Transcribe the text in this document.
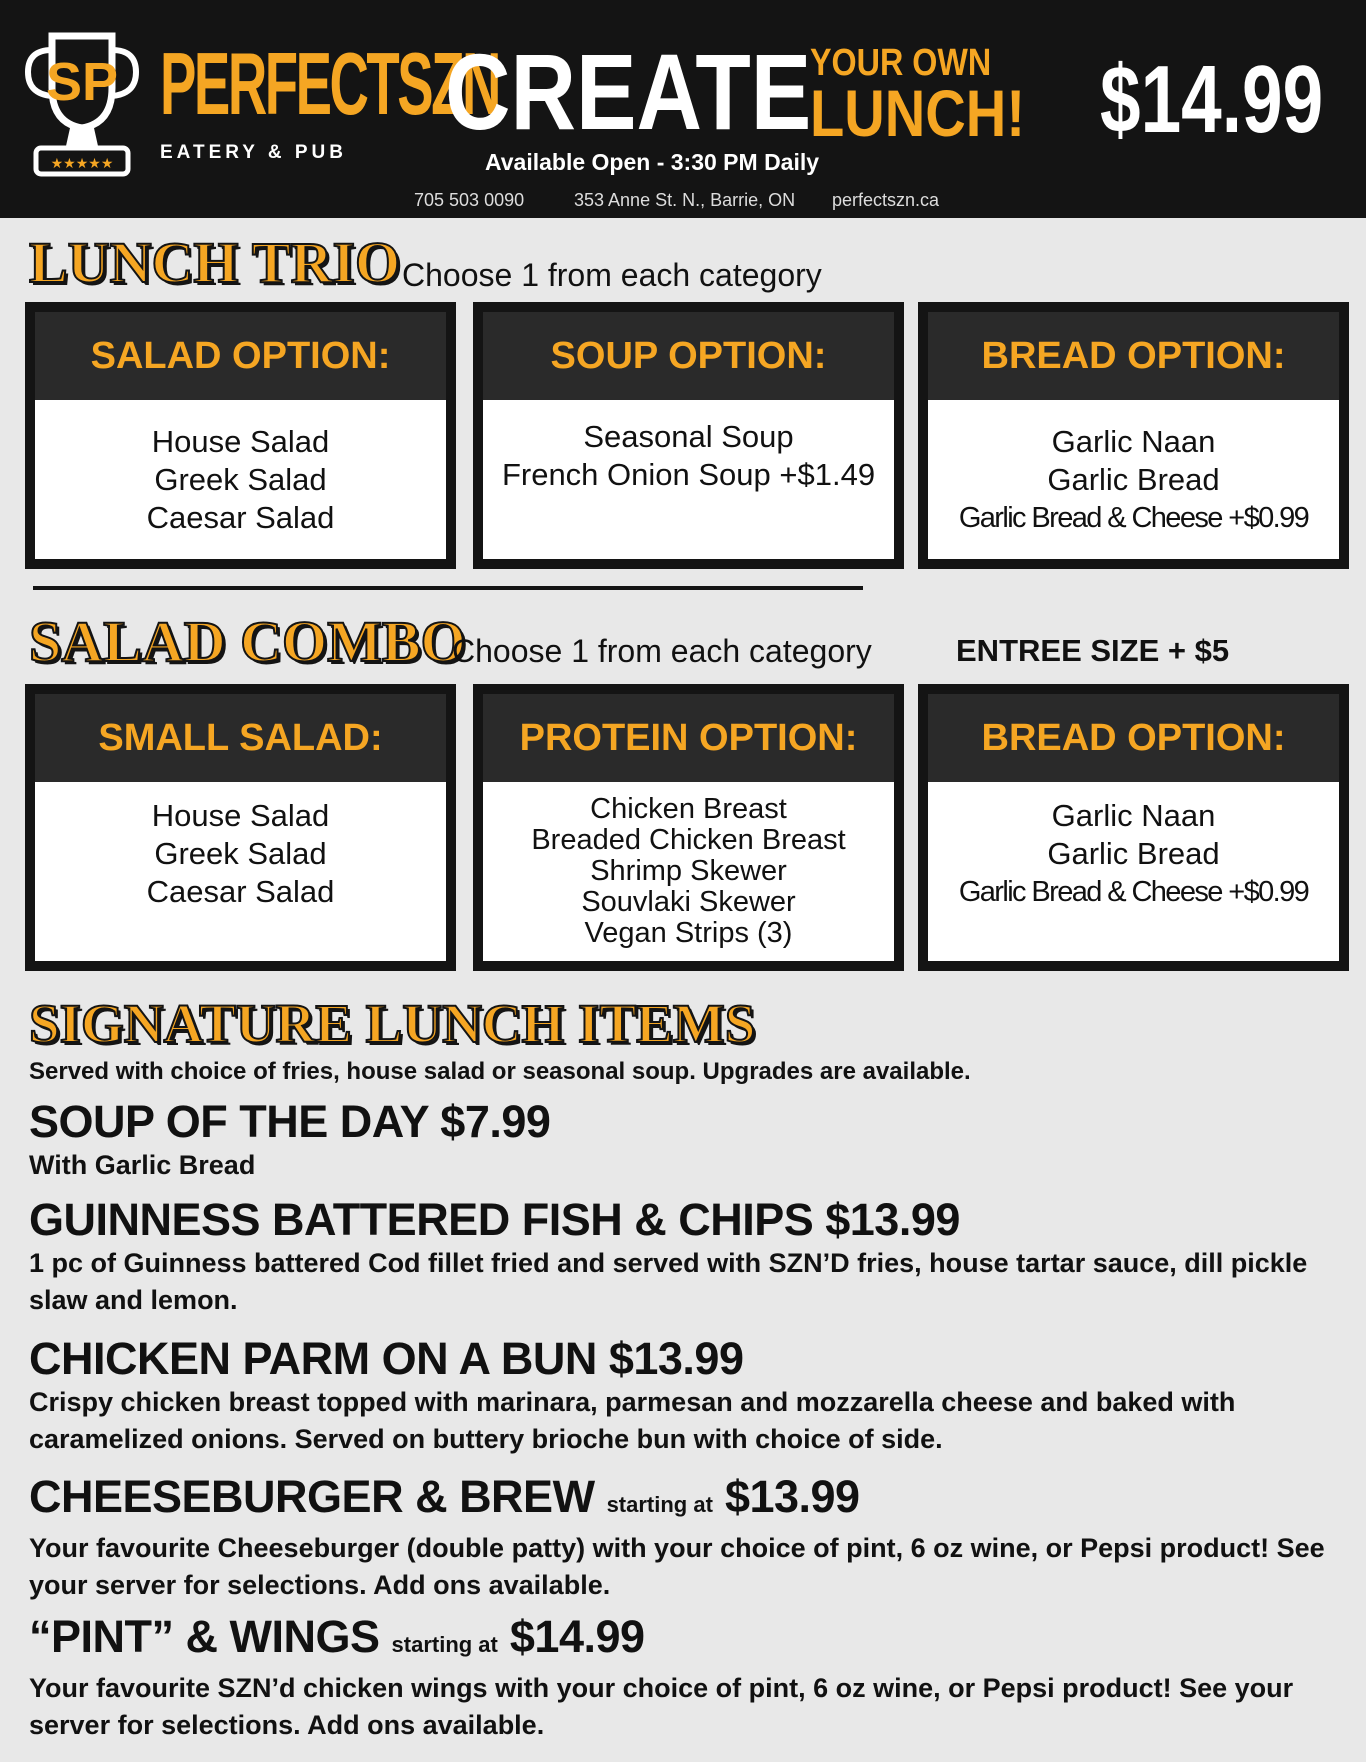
★★★★★
SP PERFECTSZN
EATERY & PUB
CREATE
YOUR OWN
LUNCH! $14.99
Available Open - 3:30 PM Daily
705 503 0090	353 Anne St. N., Barrie, ON perfectszn.ca
LUNCH TRIO Choose 1 from each category
SALAD OPTION:
House Salad
Greek Salad
Caesar Salad
SOUP OPTION:
Seasonal Soup
French Onion Soup +$1.49
BREAD OPTION:
Garlic Naan
Garlic Bread
Garlic Bread & Cheese +$0.99
SALAD COMBO
Choose 1 from each category	ENTREE SIZE + $5
SMALL SALAD:
House Salad
Greek Salad
Caesar Salad
PROTEIN OPTION:
Chicken Breast
Breaded Chicken Breast
Shrimp Skewer
Souvlaki Skewer
Vegan Strips (3)
BREAD OPTION:
Garlic Naan
Garlic Bread
Garlic Bread & Cheese +$0.99
SIGNATURE LUNCH ITEMS
Served with choice of fries, house salad or seasonal soup. Upgrades are available.
SOUP OF THE DAY $7.99
With Garlic Bread
GUINNESS BATTERED FISH & CHIPS $13.99
1 pc of Guinness battered Cod fillet fried and served with SZN’D fries, house tartar sauce, dill pickle slaw and lemon.
CHICKEN PARM ON A BUN $13.99
Crispy chicken breast topped with marinara, parmesan and mozzarella cheese and baked with caramelized onions. Served on buttery brioche bun with choice of side.
CHEESEBURGER & BREW starting at $13.99
Your favourite Cheeseburger (double patty) with your choice of pint, 6 oz wine, or Pepsi product! See your server for selections. Add ons available.
“PINT” & WINGS starting at $14.99
Your favourite SZN’d chicken wings with your choice of pint, 6 oz wine, or Pepsi product! See your server for selections. Add ons available.
